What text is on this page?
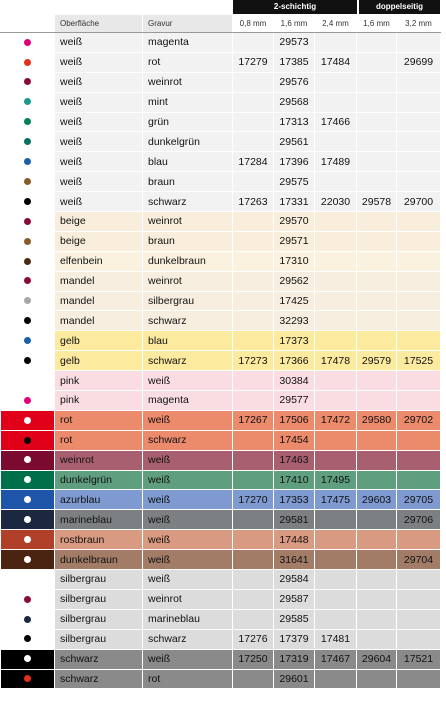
2-schichtig	doppelseitig
	Oberfläche	Gravur	0,8 mm	1,6 mm	2,4 mm	1,6 mm	3,2 mm
	weiß	magenta		29573			
	weiß	rot	17279	17385	17484		29699
	weiß	weinrot		29576			
	weiß	mint		29568			
	weiß	grün		17313	17466		
	weiß	dunkelgrün		29561			
	weiß	blau	17284	17396	17489		
	weiß	braun		29575			
	weiß	schwarz	17263	17331	22030	29578	29700
	beige	weinrot		29570			
	beige	braun		29571			
	elfenbein	dunkelbraun		17310			
	mandel	weinrot		29562			
	mandel	silbergrau		17425			
	mandel	schwarz		32293			
	gelb	blau		17373			
	gelb	schwarz	17273	17366	17478	29579	17525
	pink	weiß		30384			
	pink	magenta		29577			
	rot	weiß	17267	17506	17472	29580	29702
	rot	schwarz		17454			
	weinrot	weiß		17463			
	dunkelgrün	weiß		17410	17495		
	azurblau	weiß	17270	17353	17475	29603	29705
	marineblau	weiß		29581			29706
	rostbraun	weiß		17448			
	dunkelbraun	weiß		31641			29704
	silbergrau	weiß		29584			
	silbergrau	weinrot		29587			
	silbergrau	marineblau		29585			
	silbergrau	schwarz	17276	17379	17481		
	schwarz	weiß	17250	17319	17467	29604	17521
	schwarz	rot		29601			
